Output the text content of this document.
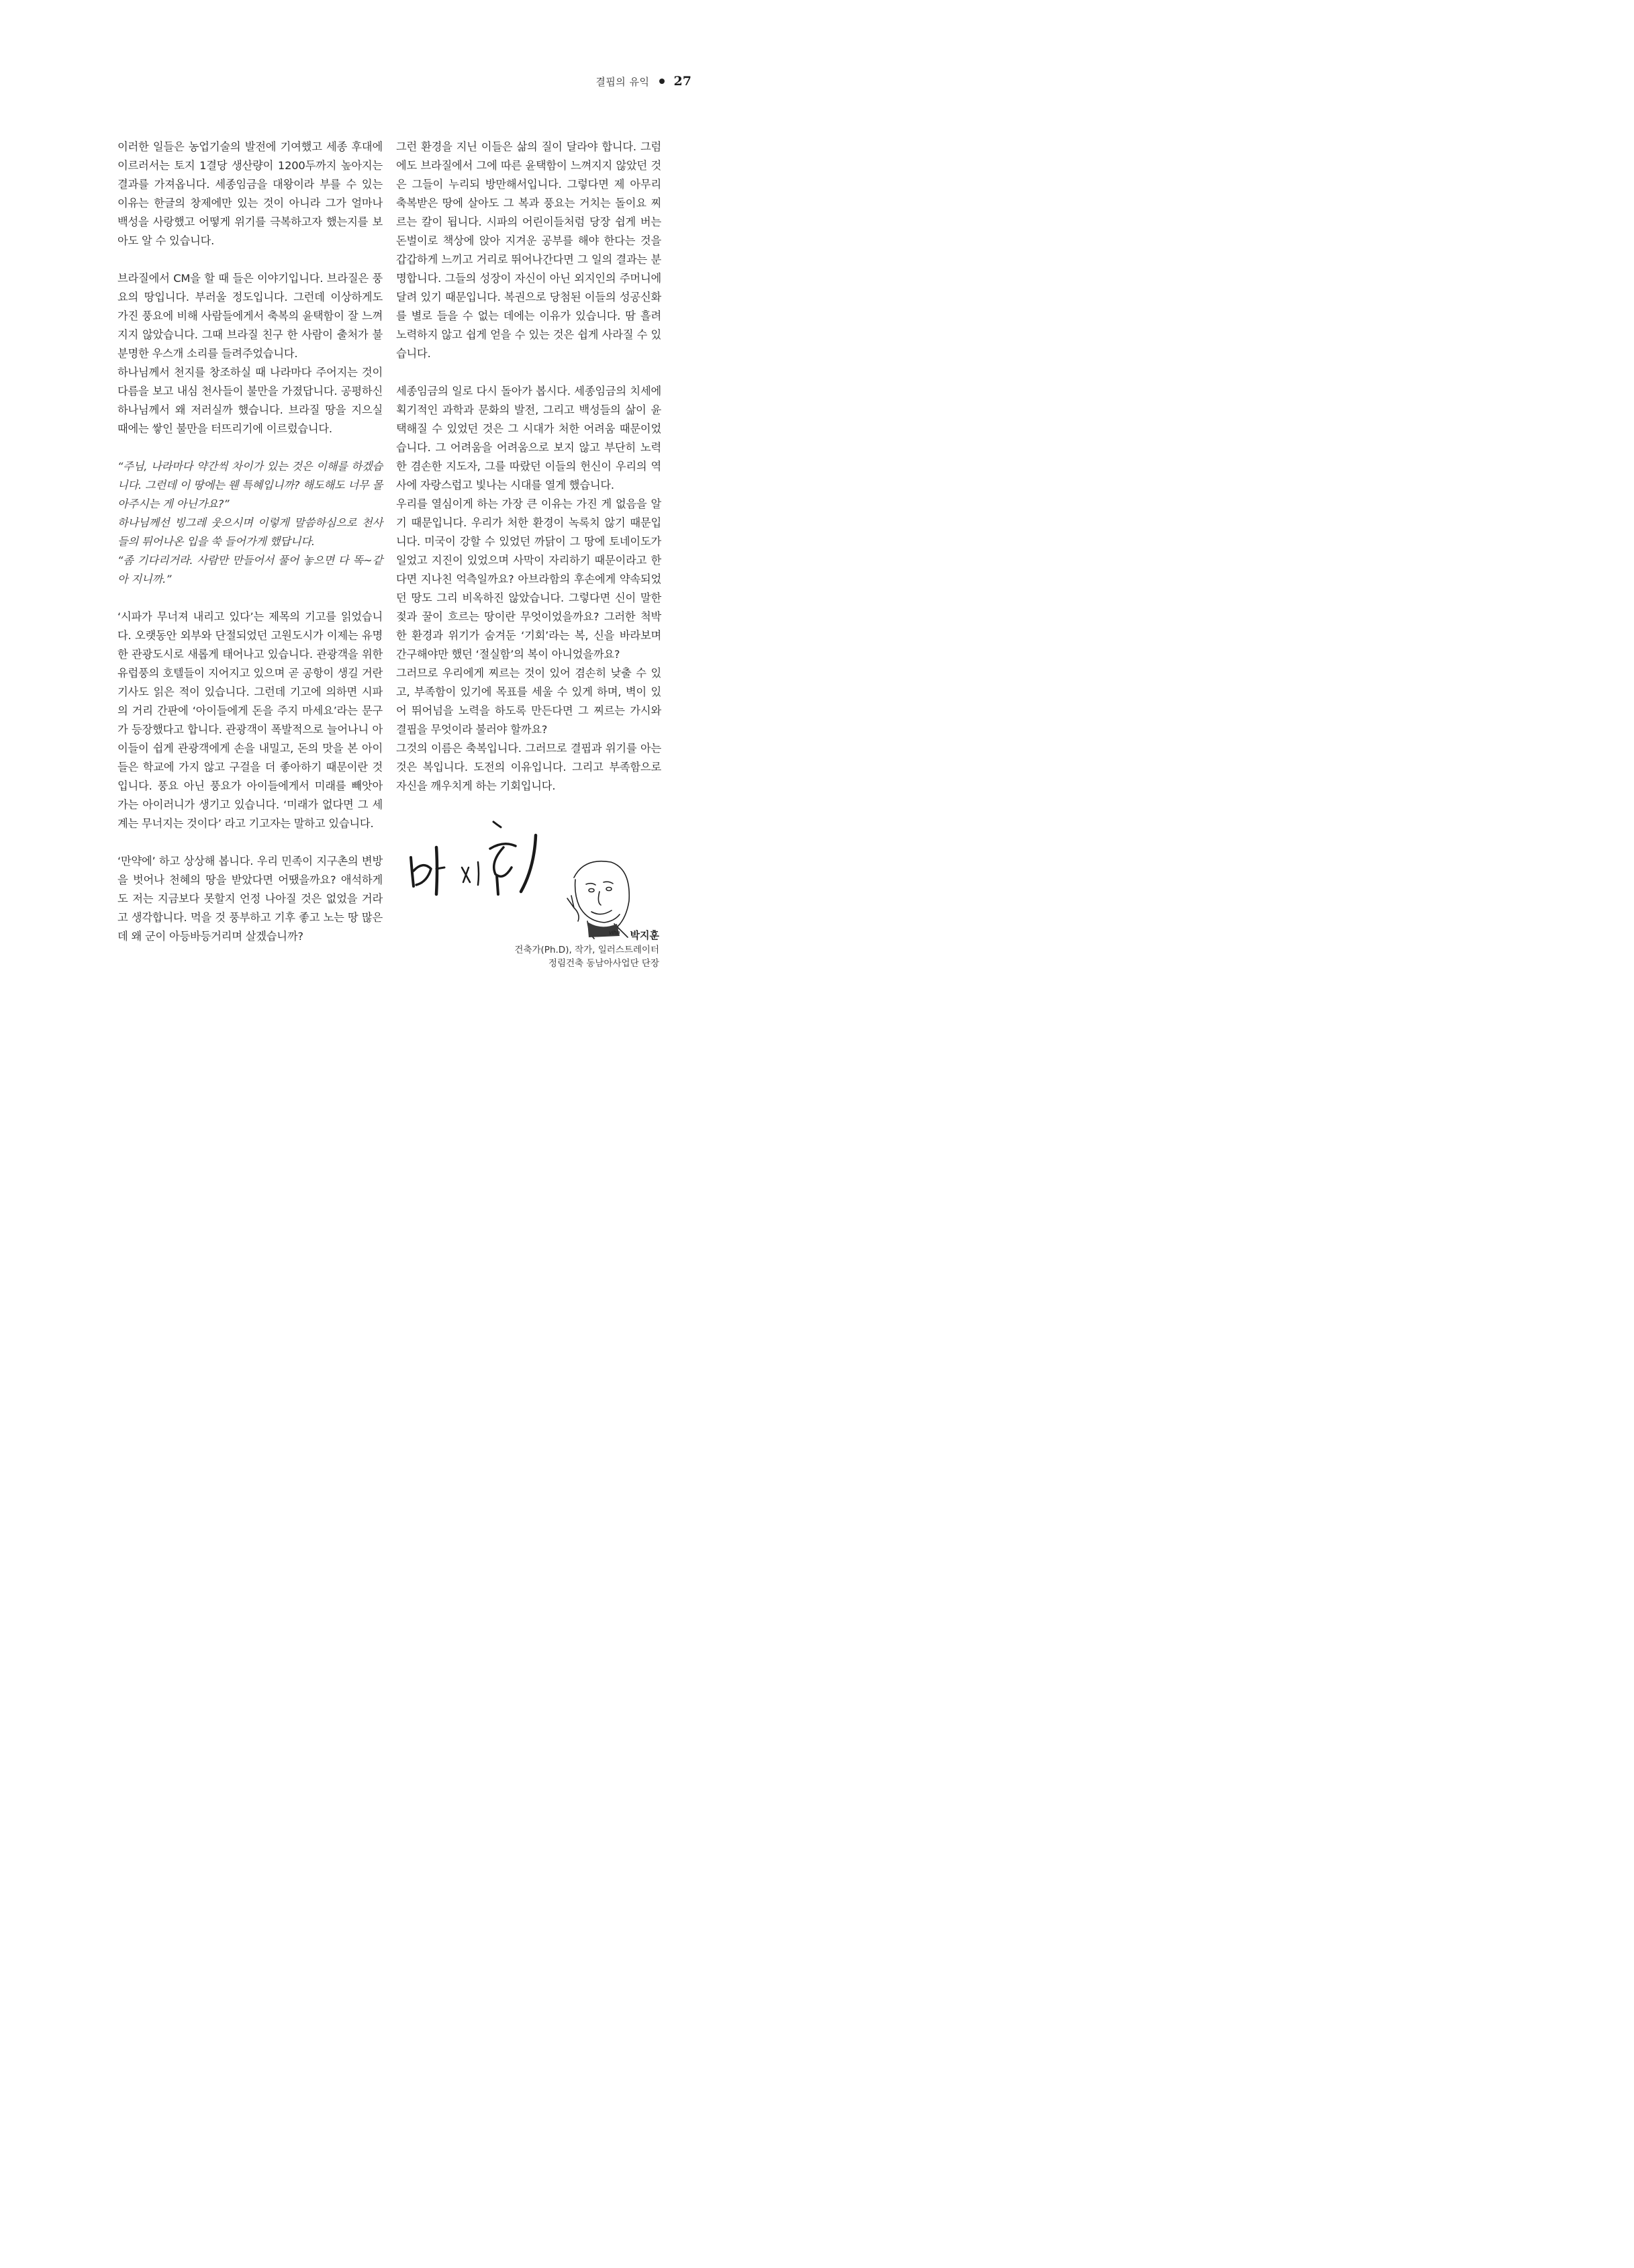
결핍의 유익 27

이러한 일들은 농업기술의 발전에 기여했고 세종 후대에 이르러서는 토지 1결당 생산량이 1200두까지 높아지는 결과를 가져옵니다. 세종임금을 대왕이라 부를 수 있는 이유는 한글의 창제에만 있는 것이 아니라 그가 얼마나 백성을 사랑했고 어떻게 위기를 극복하고자 했는지를 보아도 알 수 있습니다.

브라질에서 CM을 할 때 들은 이야기입니다. 브라질은 풍요의 땅입니다. 부러울 정도입니다. 그런데 이상하게도 가진 풍요에 비해 사람들에게서 축복의 윤택함이 잘 느껴지지 않았습니다. 그때 브라질 친구 한 사람이 출처가 불분명한 우스개 소리를 들려주었습니다.

하나님께서 천지를 창조하실 때 나라마다 주어지는 것이 다름을 보고 내심 천사들이 불만을 가졌답니다. 공평하신 하나님께서 왜 저러실까 했습니다. 브라질 땅을 지으실 때에는 쌓인 불만을 터뜨리기에 이르렀습니다.

“주님, 나라마다 약간씩 차이가 있는 것은 이해를 하겠습니다. 그런데 이 땅에는 웬 특혜입니까? 해도해도 너무 몰아주시는 게 아닌가요?”

하나님께선 빙그레 웃으시며 이렇게 말씀하심으로 천사들의 튀어나온 입을 쑥 들어가게 했답니다.

“좀 기다리거라. 사람만 만들어서 풀어 놓으면 다 똑~같아 지니까.”

‘시파가 무너져 내리고 있다’는 제목의 기고를 읽었습니다. 오랫동안 외부와 단절되었던 고원도시가 이제는 유명한 관광도시로 새롭게 태어나고 있습니다. 관광객을 위한 유럽풍의 호텔들이 지어지고 있으며 곧 공항이 생길 거란 기사도 읽은 적이 있습니다. 그런데 기고에 의하면 시파의 거리 간판에 ‘아이들에게 돈을 주지 마세요’라는 문구가 등장했다고 합니다. 관광객이 폭발적으로 늘어나니 아이들이 쉽게 관광객에게 손을 내밀고, 돈의 맛을 본 아이들은 학교에 가지 않고 구걸을 더 좋아하기 때문이란 것입니다. 풍요 아닌 풍요가 아이들에게서 미래를 빼앗아 가는 아이러니가 생기고 있습니다. ‘미래가 없다면 그 세계는 무너지는 것이다’ 라고 기고자는 말하고 있습니다.

‘만약에’ 하고 상상해 봅니다. 우리 민족이 지구촌의 변방을 벗어나 천혜의 땅을 받았다면 어땠을까요? 애석하게도 저는 지금보다 못할지 언정 나아질 것은 없었을 거라고 생각합니다. 먹을 것 풍부하고 기후 좋고 노는 땅 많은데 왜 군이 아등바등거리며 살겠습니까?

그런 환경을 지닌 이들은 삶의 질이 달라야 합니다. 그럼에도 브라질에서 그에 따른 윤택함이 느껴지지 않았던 것은 그들이 누리되 방만해서입니다. 그렇다면 제 아무리 축복받은 땅에 살아도 그 복과 풍요는 거치는 돌이요 찌르는 칼이 됩니다. 시파의 어린이들처럼 당장 쉽게 버는 돈벌이로 책상에 앉아 지겨운 공부를 해야 한다는 것을 갑갑하게 느끼고 거리로 뛰어나간다면 그 일의 결과는 분명합니다. 그들의 성장이 자신이 아닌 외지인의 주머니에 달려 있기 때문입니다. 복권으로 당첨된 이들의 성공신화를 별로 들을 수 없는 데에는 이유가 있습니다. 땀 흘려 노력하지 않고 쉽게 얻을 수 있는 것은 쉽게 사라질 수 있습니다.

세종임금의 일로 다시 돌아가 봅시다. 세종임금의 치세에 획기적인 과학과 문화의 발전, 그리고 백성들의 삶이 윤택해질 수 있었던 것은 그 시대가 처한 어려움 때문이었습니다. 그 어려움을 어려움으로 보지 않고 부단히 노력한 겸손한 지도자, 그를 따랐던 이들의 헌신이 우리의 역사에 자랑스럽고 빛나는 시대를 열게 했습니다.

우리를 열심이게 하는 가장 큰 이유는 가진 게 없음을 알기 때문입니다. 우리가 처한 환경이 녹록치 않기 때문입니다. 미국이 강할 수 있었던 까닭이 그 땅에 토네이도가 일었고 지진이 있었으며 사막이 자리하기 때문이라고 한다면 지나친 억측일까요? 아브라함의 후손에게 약속되었던 땅도 그리 비옥하진 않았습니다. 그렇다면 신이 말한 젖과 꿀이 흐르는 땅이란 무엇이었을까요? 그러한 척박한 환경과 위기가 숨겨둔 ‘기회’라는 복, 신을 바라보며 간구해야만 했던 ‘절실함’의 복이 아니었을까요?

그러므로 우리에게 찌르는 것이 있어 겸손히 낮출 수 있고, 부족함이 있기에 목표를 세울 수 있게 하며, 벽이 있어 뛰어넘을 노력을 하도록 만든다면 그 찌르는 가시와 결핍을 무엇이라 불러야 할까요?

그것의 이름은 축복입니다. 그러므로 결핍과 위기를 아는 것은 복입니다. 도전의 이유입니다. 그리고 부족함으로 자신을 깨우치게 하는 기회입니다.

vihn 박지훈
건축가(Ph.D), 작가, 일러스트레이터
정림건축 동남아사업단 단장
